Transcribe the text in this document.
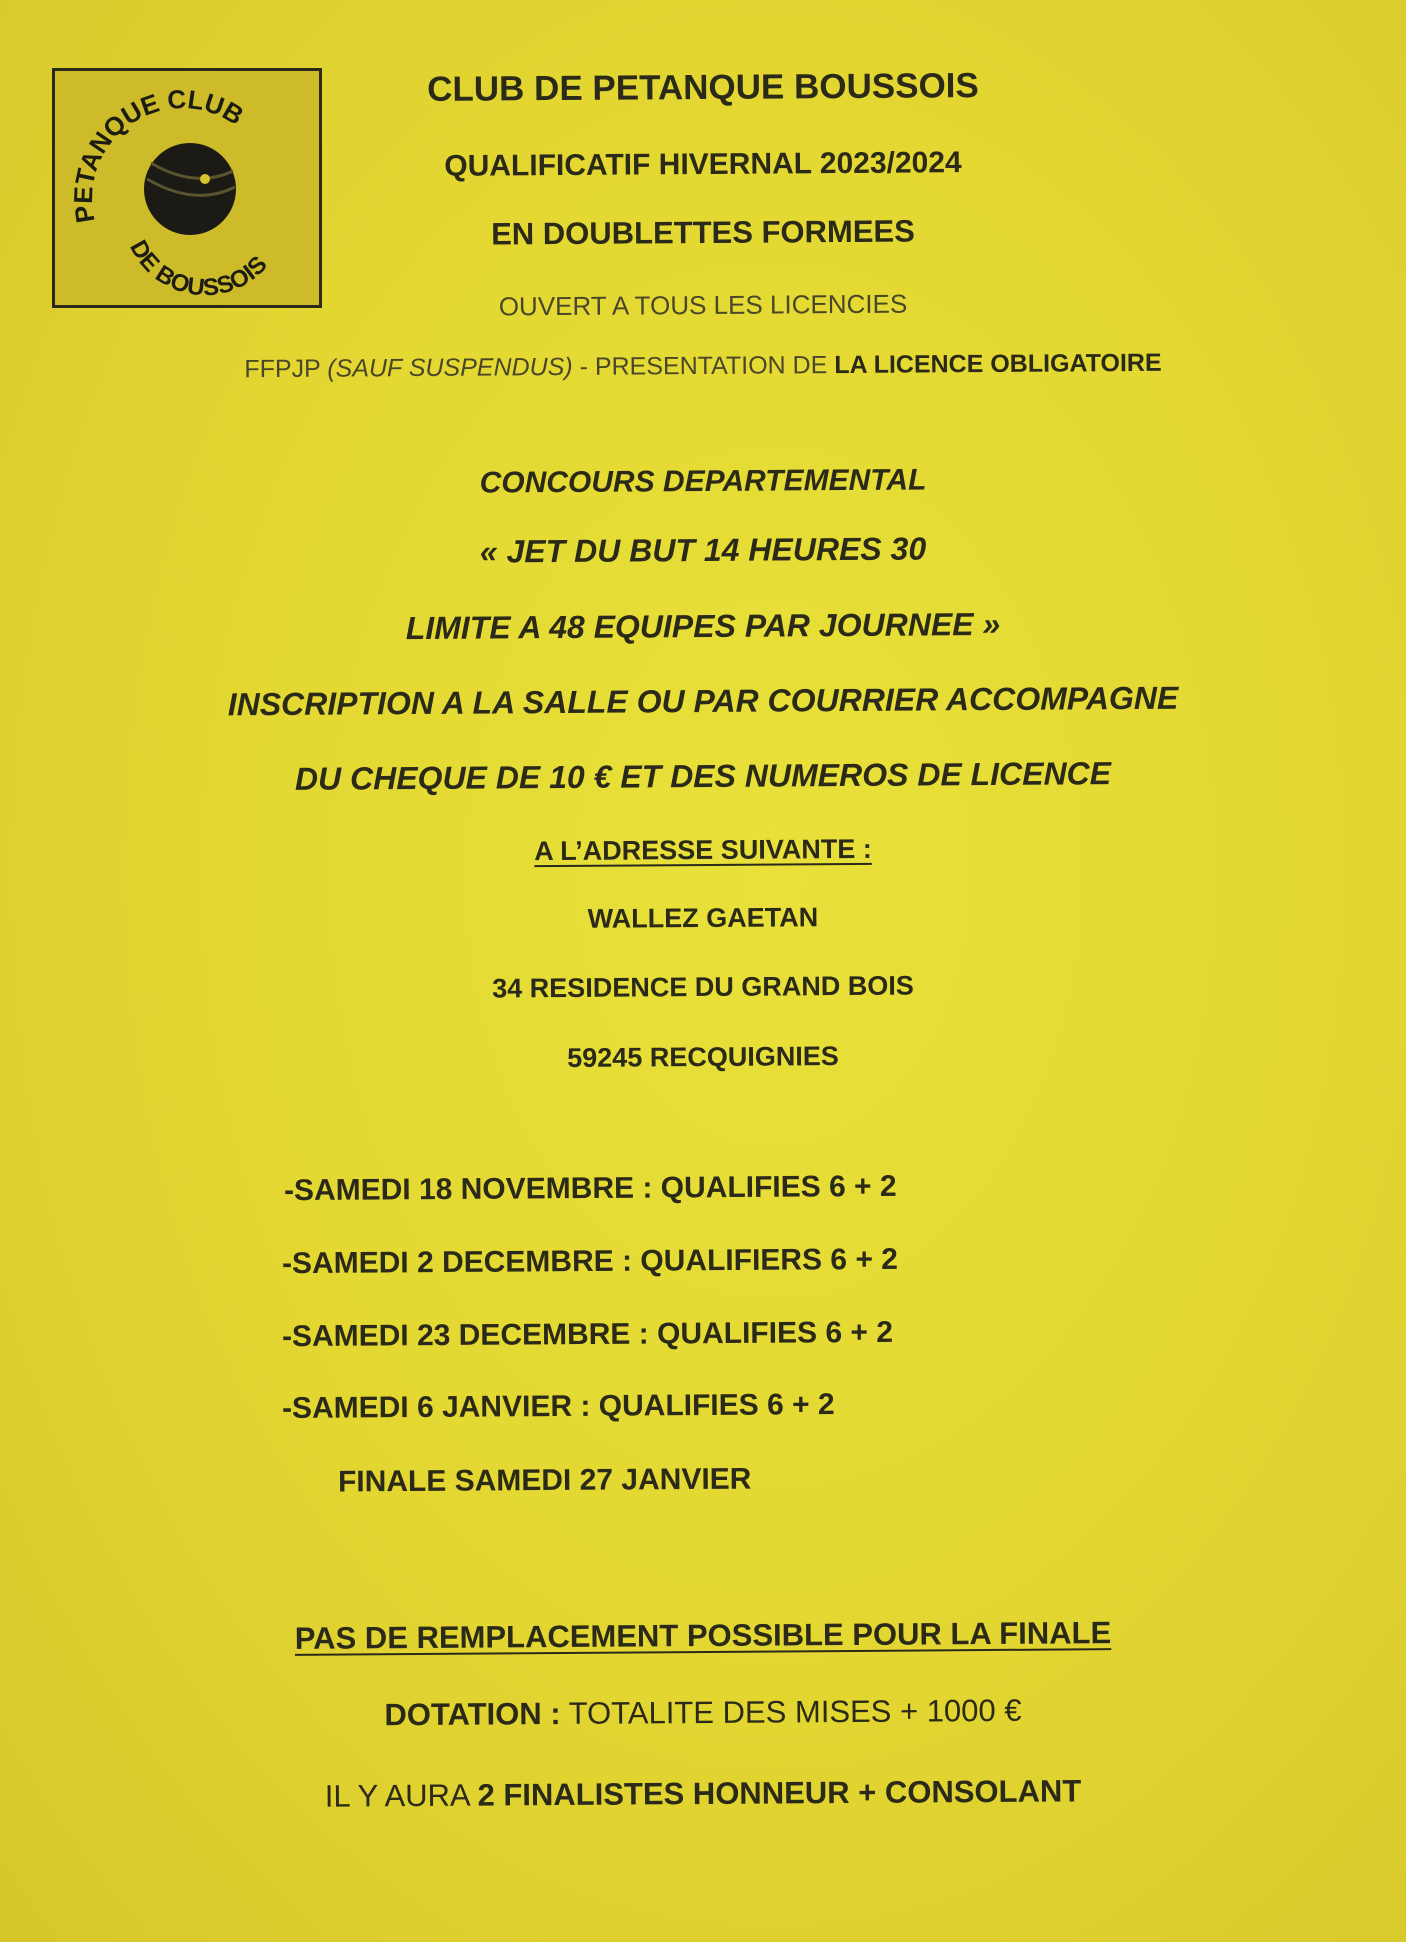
PETANQUE CLUB
DE BOUSSOIS
CLUB DE PETANQUE BOUSSOIS
QUALIFICATIF HIVERNAL 2023/2024
EN DOUBLETTES FORMEES
OUVERT A TOUS LES LICENCIES
FFPJP (SAUF SUSPENDUS) - PRESENTATION DE LA LICENCE OBLIGATOIRE
CONCOURS DEPARTEMENTAL
« JET DU BUT 14 HEURES 30
LIMITE A 48 EQUIPES PAR JOURNEE »
INSCRIPTION A LA SALLE OU PAR COURRIER ACCOMPAGNE
DU CHEQUE DE 10 € ET DES NUMEROS DE LICENCE
A L’ADRESSE SUIVANTE :
WALLEZ GAETAN
34 RESIDENCE DU GRAND BOIS
59245 RECQUIGNIES
-SAMEDI 18 NOVEMBRE : QUALIFIES 6 + 2
-SAMEDI 2 DECEMBRE : QUALIFIERS 6 + 2
-SAMEDI 23 DECEMBRE : QUALIFIES 6 + 2
-SAMEDI 6 JANVIER : QUALIFIES 6 + 2
FINALE SAMEDI 27 JANVIER
PAS DE REMPLACEMENT POSSIBLE POUR LA FINALE
DOTATION : TOTALITE DES MISES + 1000 €
IL Y AURA 2 FINALISTES HONNEUR + CONSOLANT
